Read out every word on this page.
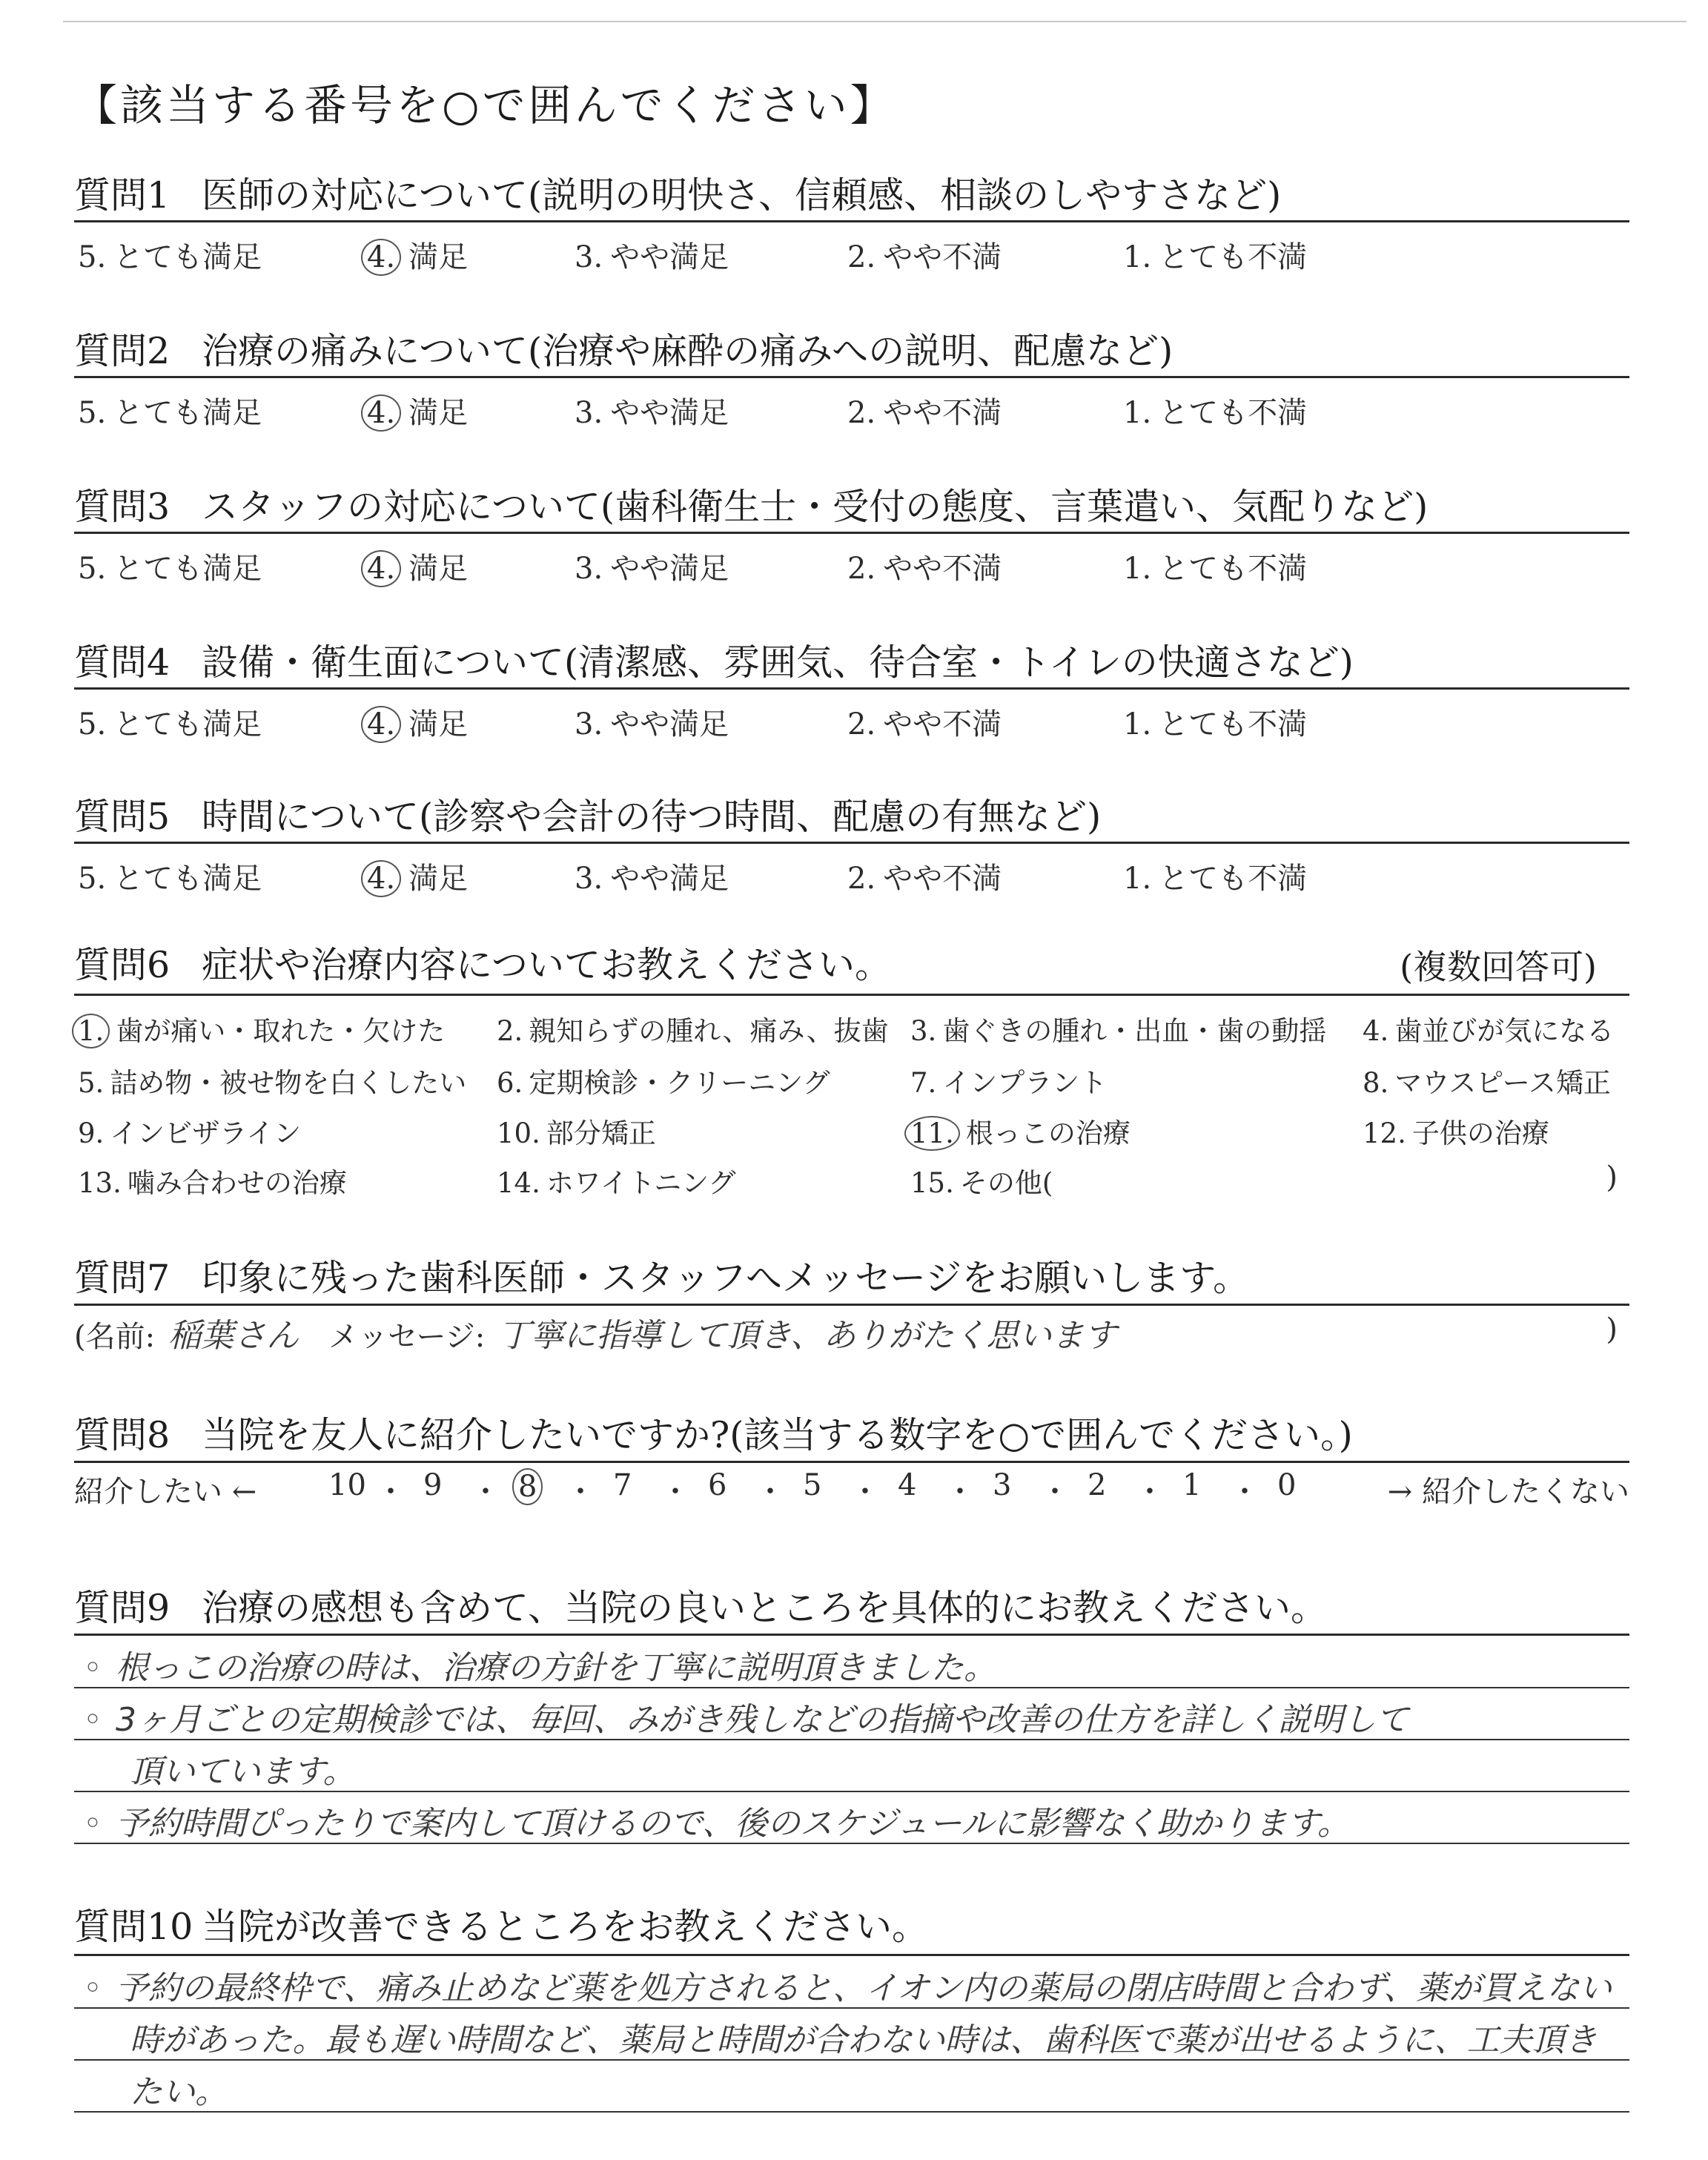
【該当する番号を○で囲んでください】
質問1 医師の対応について(説明の明快さ、信頼感、相談のしやすさなど)
5. とても満足	4. 満足	3. やや満足	2. やや不満	1. とても不満
質問2 治療の痛みについて(治療や麻酔の痛みへの説明、配慮など)
5. とても満足	4. 満足	3. やや満足	2. やや不満	1. とても不満
質問3 スタッフの対応について(歯科衛生士・受付の態度、言葉遣い、気配りなど)
5. とても満足	4. 満足	3. やや満足	2. やや不満	1. とても不満
質問4 設備・衛生面について(清潔感、雰囲気、待合室・トイレの快適さなど)
5. とても満足	4. 満足	3. やや満足	2. やや不満	1. とても不満
質問5 時間について(診察や会計の待つ時間、配慮の有無など)
5. とても満足	4. 満足	3. やや満足	2. やや不満	1. とても不満
質問6 症状や治療内容についてお教えください。	(複数回答可)
1. 歯が痛い・取れた・欠けた 2. 親知らずの腫れ、痛み、抜歯 3. 歯ぐきの腫れ・出血・歯の動揺 4. 歯並びが気になる
5. 詰め物・被せ物を白くしたい 6. 定期検診・クリーニング	7. インプラント	8. マウスピース矯正
9. インビザライン	10. 部分矯正	11. 根っこの治療	12. 子供の治療
13. 噛み合わせの治療	14. ホワイトニング	15. その他(	)
質問7 印象に残った歯科医師・スタッフへメッセージをお願いします。
(名前: 稲葉さん メッセージ: 丁寧に指導して頂き、ありがたく思います	)
質問8 当院を友人に紹介したいですか?(該当する数字を○で囲んでください。)
紹介したい ←	→ 紹介したくない
10 ・ 9 ・ 8 ・ 7 ・ 6 ・ 5 ・ 4 ・ 3 ・ 2 ・ 1 ・ 0
質問9 治療の感想も含めて、当院の良いところを具体的にお教えください。
◦ 根っこの治療の時は、治療の方針を丁寧に説明頂きました。
◦ 3ヶ月ごとの定期検診では、毎回、みがき残しなどの指摘や改善の仕方を詳しく説明して
頂いています。
◦ 予約時間ぴったりで案内して頂けるので、後のスケジュールに影響なく助かります。
質問10 当院が改善できるところをお教えください。
◦ 予約の最終枠で、痛み止めなど薬を処方されると、イオン内の薬局の閉店時間と合わず、薬が買えない
時があった。最も遅い時間など、薬局と時間が合わない時は、歯科医で薬が出せるように、工夫頂き
たい。
